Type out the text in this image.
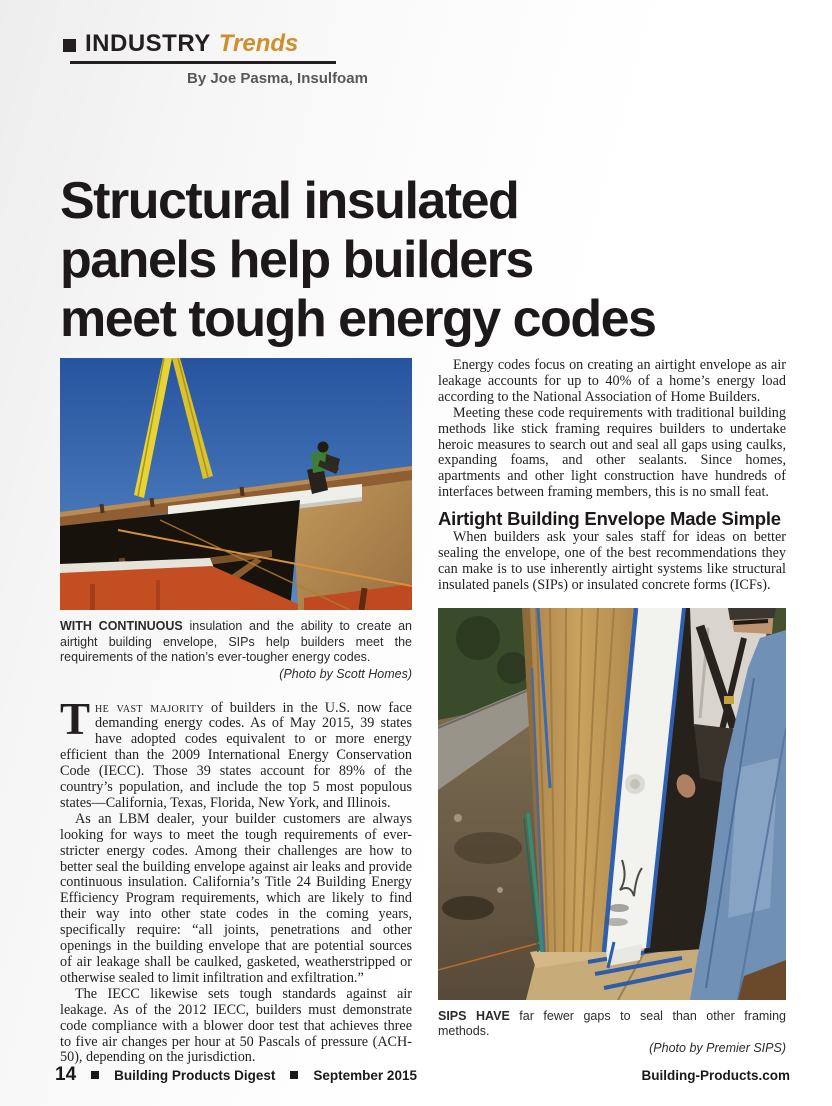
INDUSTRY Trends
By Joe Pasma, Insulfoam
Structural insulated
panels help builders
meet tough energy codes
WITH CONTINUOUS insulation and the ability to create an airtight building envelope, SIPs help builders meet the requirements of the nation’s ever-tougher energy codes.
(Photo by Scott Homes)

The vast majority of builders in the U.S. now face demanding energy codes. As of May 2015, 39 states have adopted codes equivalent to or more energy efficient than the 2009 International Energy Conservation Code (IECC). Those 39 states account for 89% of the country’s population, and include the top 5 most populous states—California, Texas, Florida, New York, and Illinois.

As an LBM dealer, your builder customers are always looking for ways to meet the tough requirements of ever-stricter energy codes. Among their challenges are how to better seal the building envelope against air leaks and provide continuous insulation. California’s Title 24 Building Energy Efficiency Program requirements, which are likely to find their way into other state codes in the coming years, specifically require: “all joints, penetrations and other openings in the building envelope that are potential sources of air leakage shall be caulked, gasketed, weatherstripped or otherwise sealed to limit infiltration and exfiltration.”

The IECC likewise sets tough standards against air leakage. As of the 2012 IECC, builders must demonstrate code compliance with a blower door test that achieves three to five air changes per hour at 50 Pascals of pressure (ACH-50), depending on the jurisdiction.

Energy codes focus on creating an airtight envelope as air leakage accounts for up to 40% of a home’s energy load according to the National Association of Home Builders.

Meeting these code requirements with traditional building methods like stick framing requires builders to undertake heroic measures to search out and seal all gaps using caulks, expanding foams, and other sealants. Since homes, apartments and other light construction have hundreds of interfaces between framing members, this is no small feat.

Airtight Building Envelope Made Simple

When builders ask your sales staff for ideas on better sealing the envelope, one of the best recommendations they can make is to use inherently airtight systems like structural insulated panels (SIPs) or insulated concrete forms (ICFs).

SIPS HAVE far fewer gaps to seal than other framing methods.
(Photo by Premier SIPS)
14	Building Products Digest	September 2015	Building-Products.com
